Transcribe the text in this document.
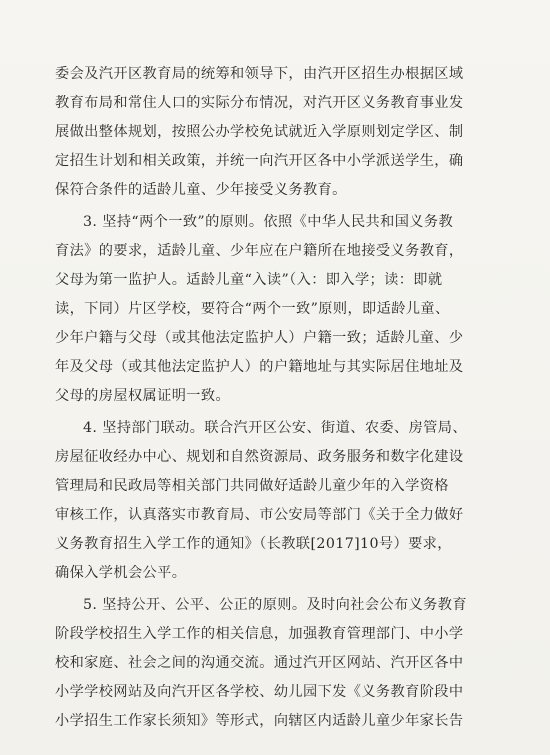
委会及汽开区教育局的统筹和领导下，由汽开区招生办根据区域
教育布局和常住人口的实际分布情况，对汽开区义务教育事业发
展做出整体规划，按照公办学校免试就近入学原则划定学区、制
定招生计划和相关政策，并统一向汽开区各中小学派送学生，确
保符合条件的适龄儿童、少年接受义务教育。
3. 坚持“两个一致”的原则。依照《中华人民共和国义务教
育法》的要求，适龄儿童、少年应在户籍所在地接受义务教育，
父母为第一监护人。适龄儿童“入读”（入：即入学；读：即就
读，下同）片区学校，要符合“两个一致”原则，即适龄儿童、
少年户籍与父母（或其他法定监护人）户籍一致；适龄儿童、少
年及父母（或其他法定监护人）的户籍地址与其实际居住地址及
父母的房屋权属证明一致。
4. 坚持部门联动。联合汽开区公安、街道、农委、房管局、
房屋征收经办中心、规划和自然资源局、政务服务和数字化建设
管理局和民政局等相关部门共同做好适龄儿童少年的入学资格
审核工作，认真落实市教育局、市公安局等部门《关于全力做好
义务教育招生入学工作的通知》（长教联[2017]10号）要求，
确保入学机会公平。
5. 坚持公开、公平、公正的原则。及时向社会公布义务教育
阶段学校招生入学工作的相关信息，加强教育管理部门、中小学
校和家庭、社会之间的沟通交流。通过汽开区网站、汽开区各中
小学学校网站及向汽开区各学校、幼儿园下发《义务教育阶段中
小学招生工作家长须知》等形式，向辖区内适龄儿童少年家长告
